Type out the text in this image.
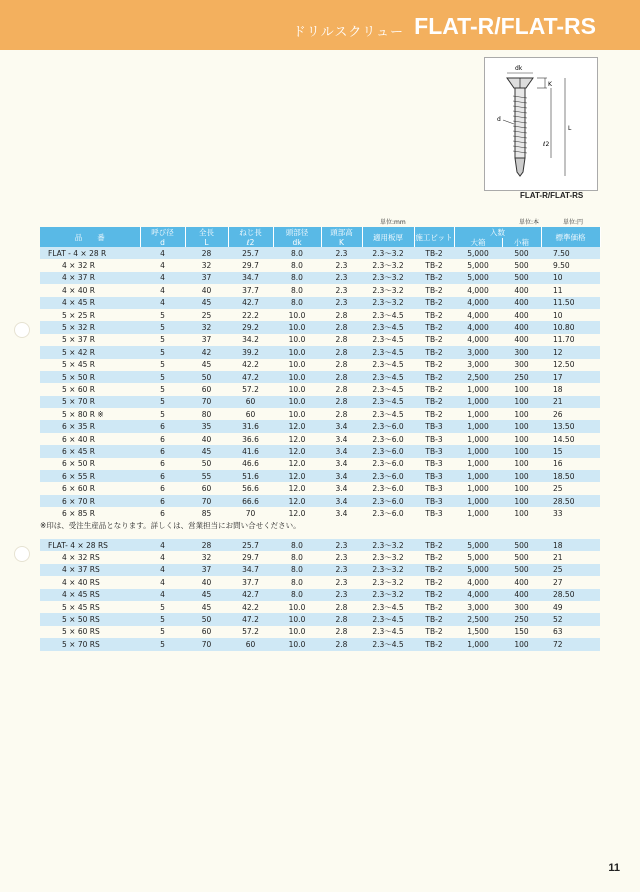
ドリルスクリュー FLAT-R/FLAT-RS
dk
K
L
ℓ2
d
FLAT-R/FLAT-RS
単位:mm	単位:本	単位:円
品　　番	呼び径	全長	ねじ長	頭部径	頭部高	適用板厚	施工ビット	入数		標準価格
	d	L	ℓ2	dk	K			大箱	小箱	
FLAT - 4 × 28 R	4	28	25.7	8.0	2.3	2.3～3.2	TB-2	5,000	500	7.50
4 × 32 R	4	32	29.7	8.0	2.3	2.3～3.2	TB-2	5,000	500	9.50
4 × 37 R	4	37	34.7	8.0	2.3	2.3～3.2	TB-2	5,000	500	10
4 × 40 R	4	40	37.7	8.0	2.3	2.3～3.2	TB-2	4,000	400	11
4 × 45 R	4	45	42.7	8.0	2.3	2.3～3.2	TB-2	4,000	400	11.50
5 × 25 R	5	25	22.2	10.0	2.8	2.3～4.5	TB-2	4,000	400	10
5 × 32 R	5	32	29.2	10.0	2.8	2.3～4.5	TB-2	4,000	400	10.80
5 × 37 R	5	37	34.2	10.0	2.8	2.3～4.5	TB-2	4,000	400	11.70
5 × 42 R	5	42	39.2	10.0	2.8	2.3～4.5	TB-2	3,000	300	12
5 × 45 R	5	45	42.2	10.0	2.8	2.3～4.5	TB-2	3,000	300	12.50
5 × 50 R	5	50	47.2	10.0	2.8	2.3～4.5	TB-2	2,500	250	17
5 × 60 R	5	60	57.2	10.0	2.8	2.3～4.5	TB-2	1,000	100	18
5 × 70 R	5	70	60	10.0	2.8	2.3～4.5	TB-2	1,000	100	21
5 × 80 R ※	5	80	60	10.0	2.8	2.3～4.5	TB-2	1,000	100	26
6 × 35 R	6	35	31.6	12.0	3.4	2.3～6.0	TB-3	1,000	100	13.50
6 × 40 R	6	40	36.6	12.0	3.4	2.3～6.0	TB-3	1,000	100	14.50
6 × 45 R	6	45	41.6	12.0	3.4	2.3～6.0	TB-3	1,000	100	15
6 × 50 R	6	50	46.6	12.0	3.4	2.3～6.0	TB-3	1,000	100	16
6 × 55 R	6	55	51.6	12.0	3.4	2.3～6.0	TB-3	1,000	100	18.50
6 × 60 R	6	60	56.6	12.0	3.4	2.3～6.0	TB-3	1,000	100	25
6 × 70 R	6	70	66.6	12.0	3.4	2.3～6.0	TB-3	1,000	100	28.50
6 × 85 R	6	85	70	12.0	3.4	2.3～6.0	TB-3	1,000	100	33
※印は、受注生産品となります。詳しくは、営業担当にお問い合せください。
FLAT- 4 × 28 RS	4	28	25.7	8.0	2.3	2.3～3.2	TB-2	5,000	500	18
4 × 32 RS	4	32	29.7	8.0	2.3	2.3～3.2	TB-2	5,000	500	21
4 × 37 RS	4	37	34.7	8.0	2.3	2.3～3.2	TB-2	5,000	500	25
4 × 40 RS	4	40	37.7	8.0	2.3	2.3～3.2	TB-2	4,000	400	27
4 × 45 RS	4	45	42.7	8.0	2.3	2.3～3.2	TB-2	4,000	400	28.50
5 × 45 RS	5	45	42.2	10.0	2.8	2.3～4.5	TB-2	3,000	300	49
5 × 50 RS	5	50	47.2	10.0	2.8	2.3～4.5	TB-2	2,500	250	52
5 × 60 RS	5	60	57.2	10.0	2.8	2.3～4.5	TB-2	1,500	150	63
5 × 70 RS	5	70	60	10.0	2.8	2.3～4.5	TB-2	1,000	100	72
11
